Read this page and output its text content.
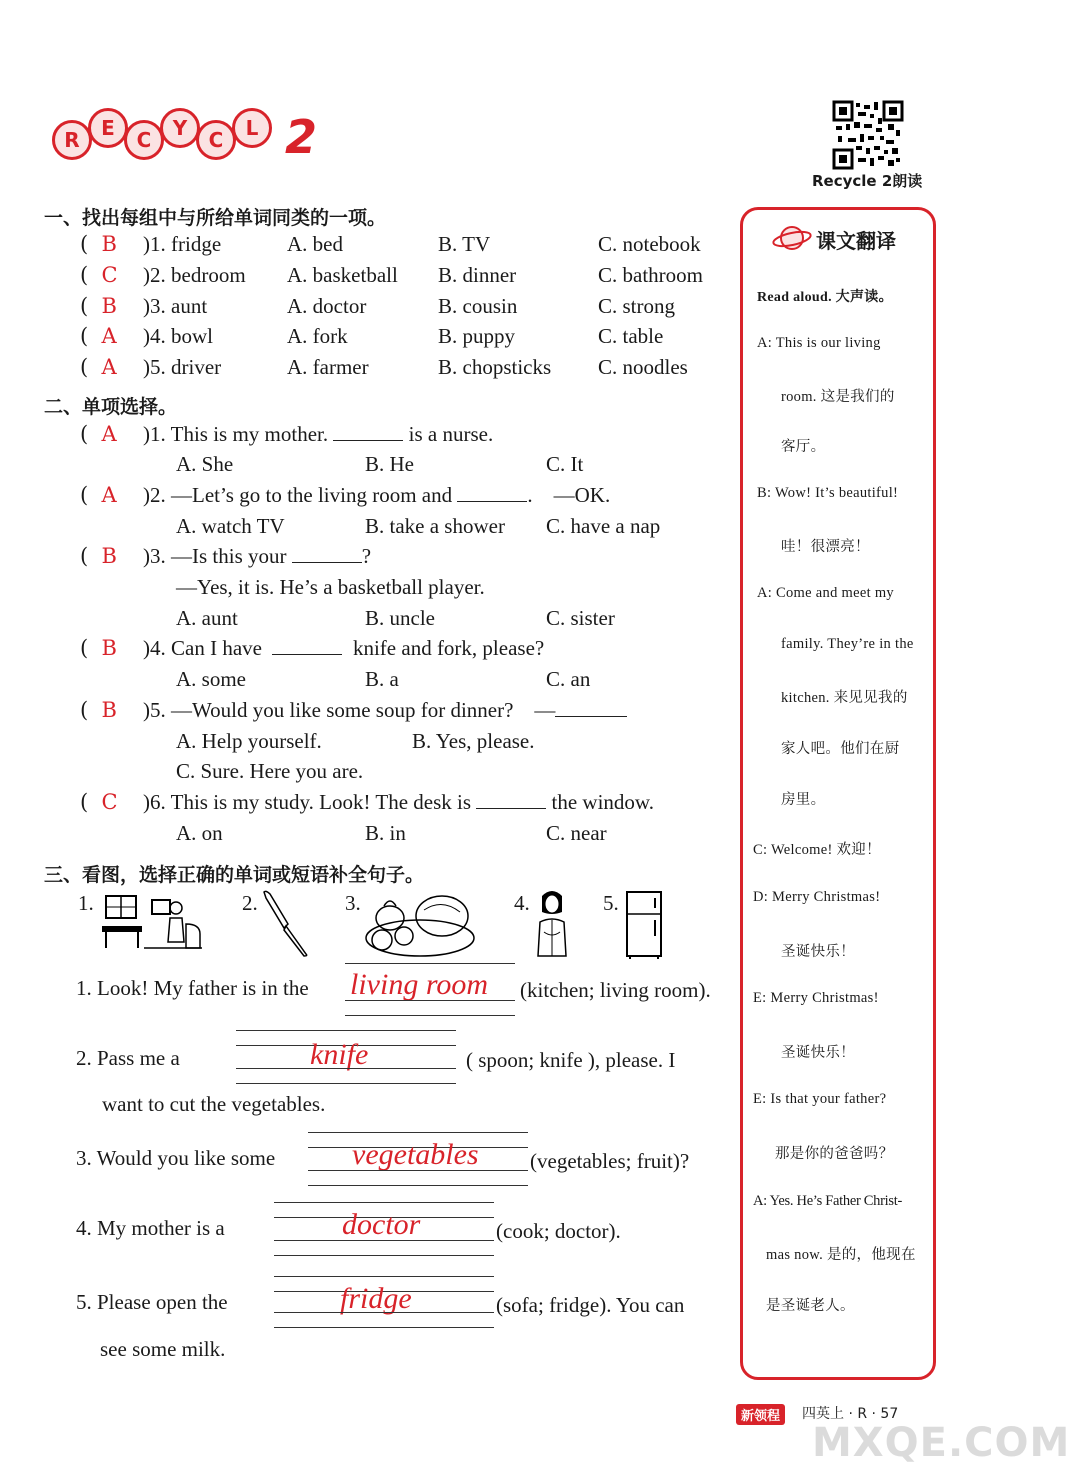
R	E	C	Y	C	L 2
Recycle 2朗读
一、找出每组中与所给单词同类的一项。
(  B	)1. fridge	A. bed	B. TV	C. notebook
(  C	)2. bedroom A. basketball B. dinner	C. bathroom
(  B	)3. aunt	A. doctor	B. cousin	C. strong
(  A	)4. bowl	A. fork	B. puppy	C. table
(  A	)5. driver	A. farmer	B. chopsticks C. noodles
二、单项选择。
(  A	)1. This is my mother.	is a nurse.
A. She	B. He	C. It
(  A	)2. —Let’s go to the living room and	. —OK.
A. watch TV	B. take a shower C. have a nap
(  B	)3. —Is this your	?
—Yes, it is. He’s a basketball player.
A. aunt	B. uncle	C. sister
(  B	)4. Can I have	knife and fork, please?
A. some	B. a	C. an
(  B	)5. —Would you like some soup for dinner? —
A. Help yourself.	B. Yes, please.
C. Sure. Here you are.
(  C	)6. This is my study. Look! The desk is	the window.
A. on	B. in	C. near
三、看图，选择正确的单词或短语补全句子。
1.	2.	3.	4.	5.
1. Look! My father is in the living room (kitchen; living room).
2. Pass me a	knife	( spoon; knife ), please. I
want to cut the vegetables.
3. Would you like some	vegetables (vegetables; fruit)?
4. My mother is a	doctor	(cook; doctor).
5. Please open the	fridge	(sofa; fridge). You can
see some milk.
课文翻译
Read aloud. 大声读。
A: This is our living
room. 这是我们的
客厅。
B: Wow! It’s beautiful!
哇！很漂亮！
A: Come and meet my
family. They’re in the
kitchen. 来见见我的
家人吧。他们在厨
房里。
C: Welcome! 欢迎！
D: Merry Christmas!
圣诞快乐！
E: Merry Christmas!
圣诞快乐！
E: Is that your father?
那是你的爸爸吗？
A: Yes. He’s Father Christ-
mas now. 是的，他现在
是圣诞老人。
新领程	四英上 · R · 57
MXQE.COM
